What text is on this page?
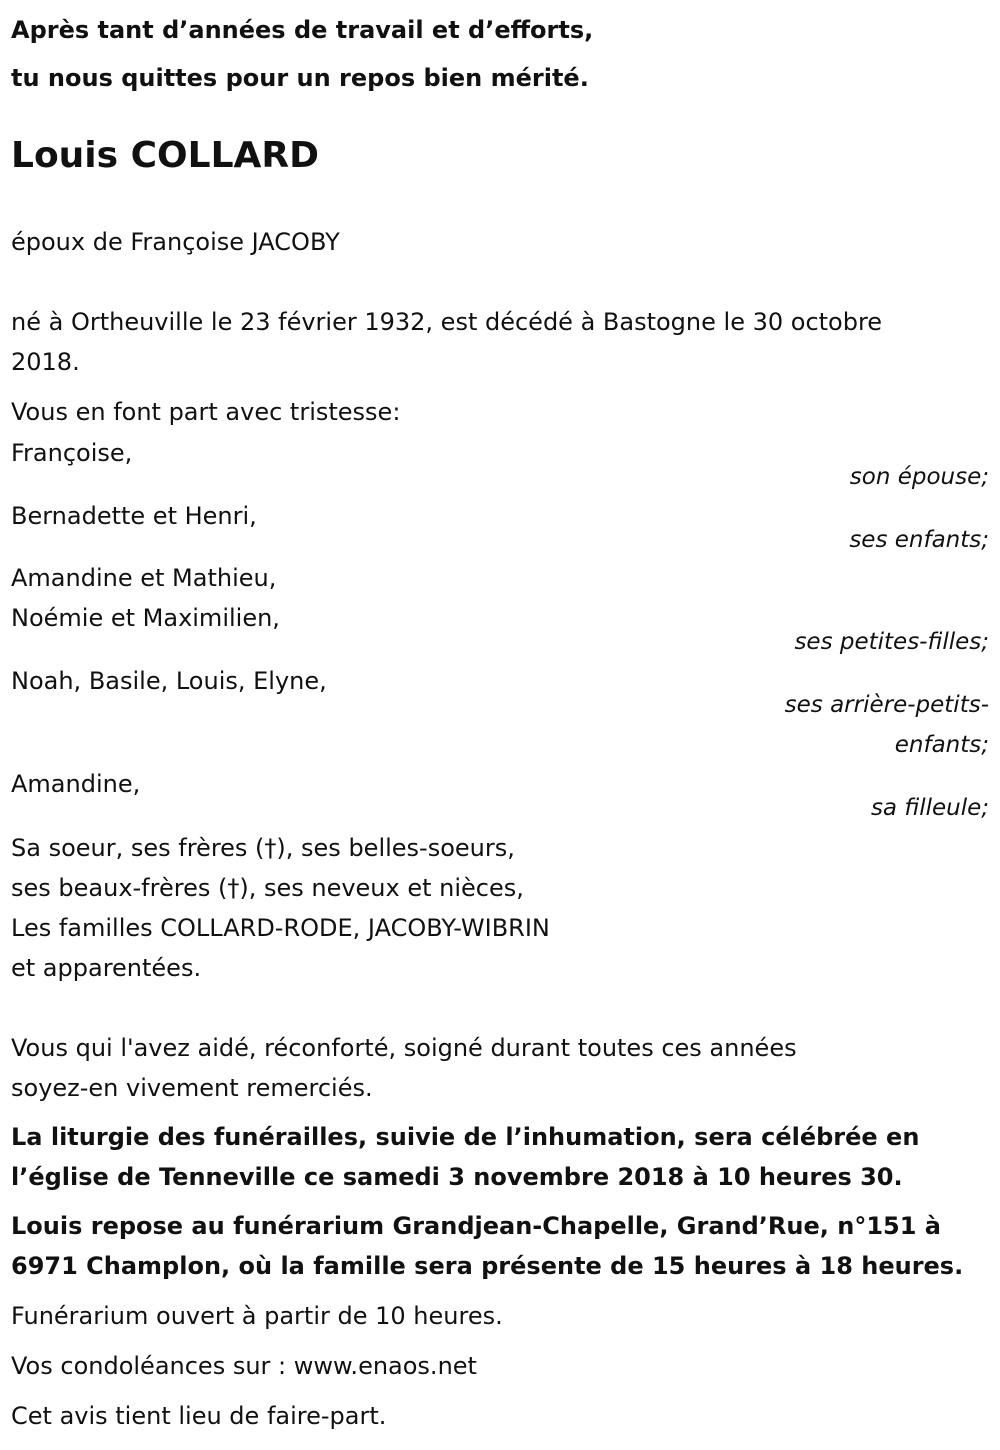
Après tant d’années de travail et d’efforts,
tu nous quittes pour un repos bien mérité.

Louis COLLARD

époux de Françoise JACOBY

né à Ortheuville le 23 février 1932, est décédé à Bastogne le 30 octobre
2018.

Vous en font part avec tristesse:

Françoise,

son épouse;

Bernadette et Henri,

ses enfants;

Amandine et Mathieu,
Noémie et Maximilien,

ses petites-filles;

Noah, Basile, Louis, Elyne,

ses arrière-petits-
enfants;

Amandine,

sa filleule;

Sa soeur, ses frères (†), ses belles-soeurs,
ses beaux-frères (†), ses neveux et nièces,
Les familles COLLARD-RODE, JACOBY-WIBRIN
et apparentées.

Vous qui l'avez aidé, réconforté, soigné durant toutes ces années
soyez-en vivement remerciés.

La liturgie des funérailles, suivie de l’inhumation, sera célébrée en
l’église de Tenneville ce samedi 3 novembre 2018 à 10 heures 30.

Louis repose au funérarium Grandjean-Chapelle, Grand’Rue, n°151 à
6971 Champlon, où la famille sera présente de 15 heures à 18 heures.

Funérarium ouvert à partir de 10 heures.

Vos condoléances sur : www.enaos.net

Cet avis tient lieu de faire-part.
